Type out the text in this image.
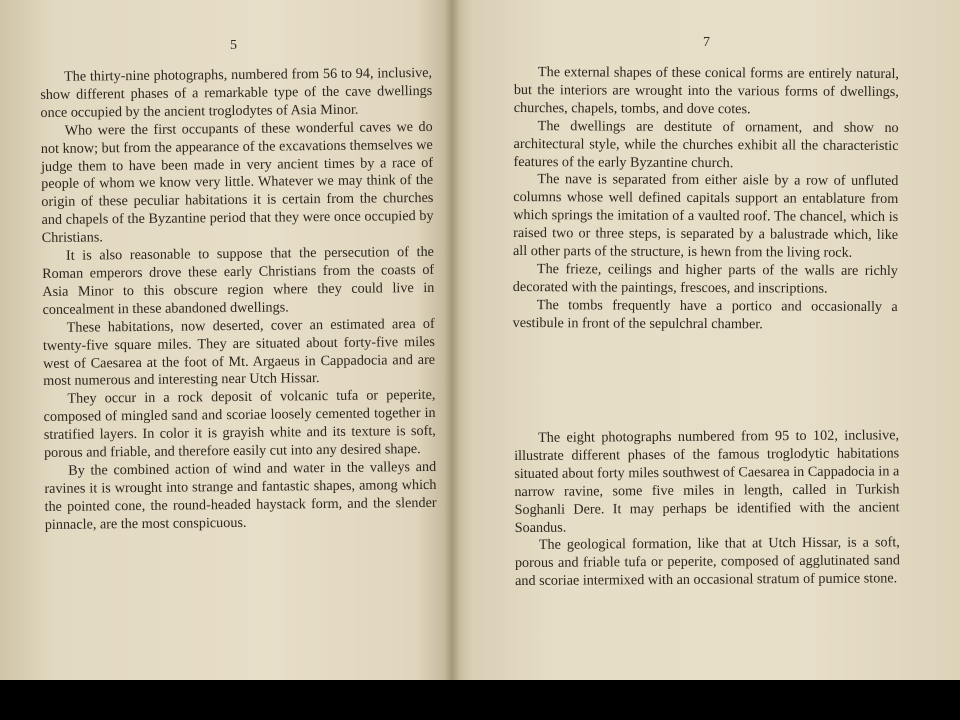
5	7

The thirty-nine photographs, numbered from 56 to 94, inclusive, show different phases of a remarkable type of the cave dwellings once occupied by the ancient troglodytes of Asia Minor.

Who were the first occupants of these wonderful caves we do not know; but from the appearance of the excavations themselves we judge them to have been made in very ancient times by a race of people of whom we know very little. Whatever we may think of the origin of these peculiar habitations it is certain from the churches and chapels of the Byzantine period that they were once occupied by Christians.

It is also reasonable to suppose that the persecution of the Roman emperors drove these early Christians from the coasts of Asia Minor to this obscure region where they could live in concealment in these abandoned dwellings.

These habitations, now deserted, cover an estimated area of twenty-five square miles. They are situated about forty-five miles west of Caesarea at the foot of Mt. Argaeus in Cappadocia and are most numerous and interesting near Utch Hissar.

They occur in a rock deposit of volcanic tufa or peperite, composed of mingled sand and scoriae loosely cemented together in stratified layers. In color it is grayish white and its texture is soft, porous and friable, and therefore easily cut into any desired shape.

By the combined action of wind and water in the valleys and ravines it is wrought into strange and fantastic shapes, among which the pointed cone, the round-headed haystack form, and the slender pinnacle, are the most conspicuous.

The external shapes of these conical forms are entirely natural, but the interiors are wrought into the various forms of dwellings, churches, chapels, tombs, and dove cotes.

The dwellings are destitute of ornament, and show no architectural style, while the churches exhibit all the characteristic features of the early Byzantine church.

The nave is separated from either aisle by a row of unfluted columns whose well defined capitals support an entablature from which springs the imitation of a vaulted roof. The chancel, which is raised two or three steps, is separated by a balustrade which, like all other parts of the structure, is hewn from the living rock.

The frieze, ceilings and higher parts of the walls are richly decorated with the paintings, frescoes, and inscriptions.

The tombs frequently have a portico and occasionally a vestibule in front of the sepulchral chamber.

The eight photographs numbered from 95 to 102, inclusive, illustrate different phases of the famous troglodytic habitations situated about forty miles southwest of Caesarea in Cappadocia in a narrow ravine, some five miles in length, called in Turkish Soghanli Dere. It may perhaps be identified with the ancient Soandus.

The geological formation, like that at Utch Hissar, is a soft, porous and friable tufa or peperite, composed of agglutinated sand and scoriae intermixed with an occasional stratum of pumice stone.
